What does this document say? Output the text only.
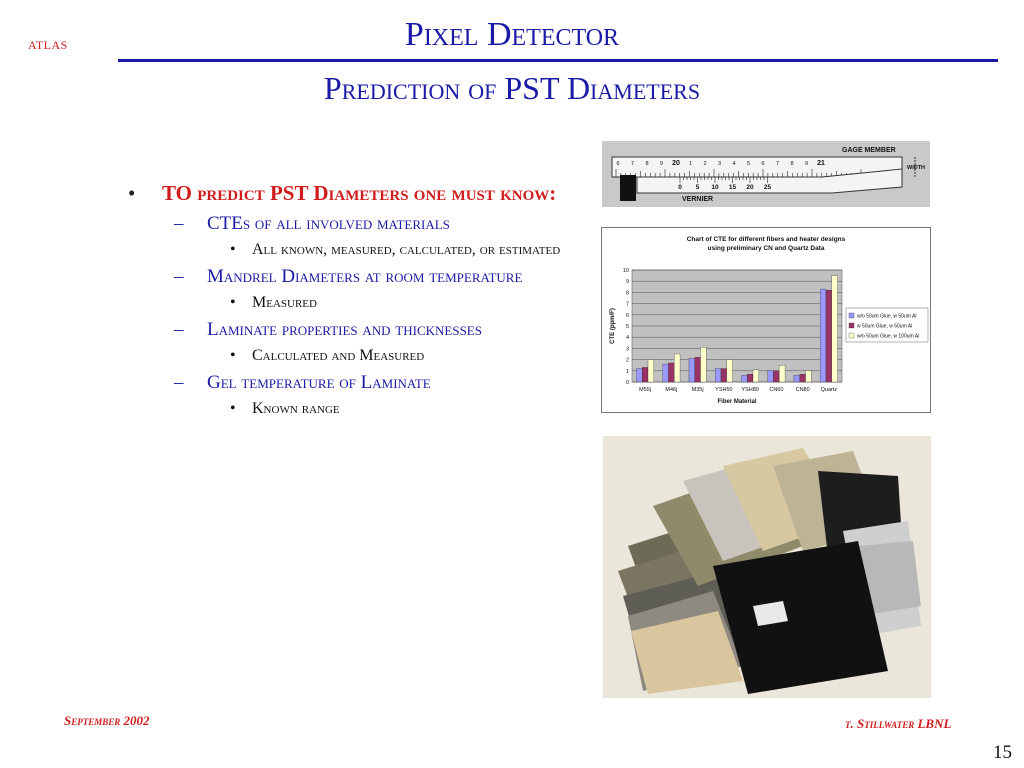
atlas	Pixel Detector
Prediction of PST Diameters
• TO predict PST Diameters one must know:
– CTEs of all involved materials
• All known, measured, calculated, or estimated
– Mandrel Diameters at room temperature
• Measured
– Laminate properties and thicknesses
• Calculated and Measured
– Gel temperature of Laminate
• Known range
6 7 8 9 20 1 2 3 4 5 6 7 8 9 21
0 5 10 15 20 25
GAGE MEMBER
WIDTH
VERNIER
Chart of CTE for different fibers and heater designs
using preliminary CN and Quartz Data
0
1
2
3
4
5
6
7
8
9
10
M55j	M46j	M35j YSH50 YSH80 CN60 CN80 Quartz
CTE (ppm/F)
Fiber Material
w/o 50um Glue, w 50um Al
w 50um Glue, w 50um Al
w/o 50um Glue, w 100um Al
September 2002	t. Stillwater LBNL
15
